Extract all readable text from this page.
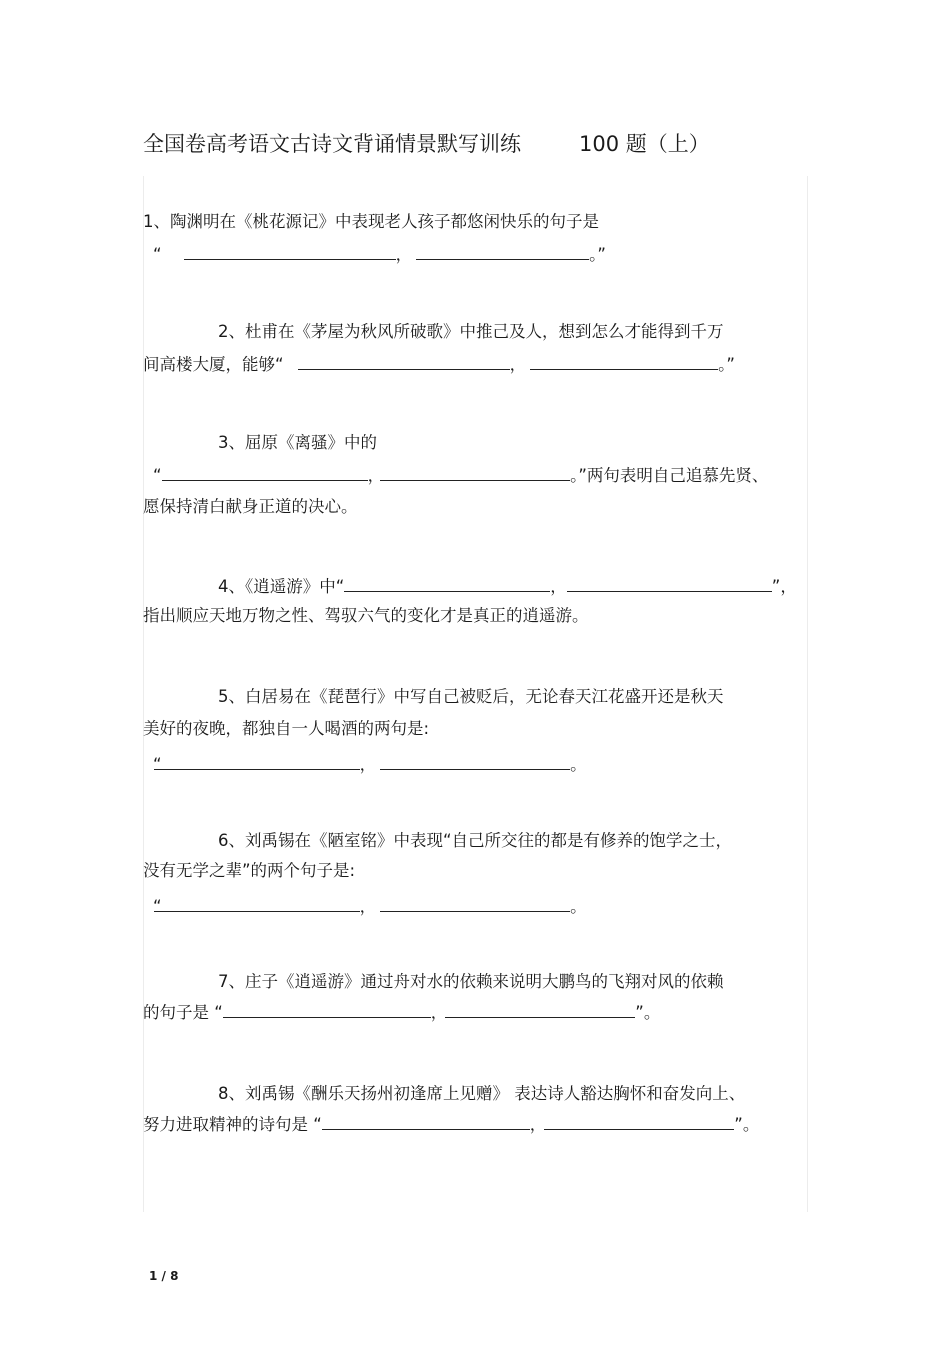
全国卷高考语文古诗文背诵情景默写训练	100 题（上）
1、陶渊明在《桃花源记》中表现老人孩子都悠闲快乐的句子是
“	，	。”
2、杜甫在《茅屋为秋风所破歌》中推己及人，想到怎么才能得到千万
间高楼大厦，能够“	，	。”
3、屈原《离骚》中的
“	，	。”两句表明自己追慕先贤、
愿保持清白献身正道的决心。
4、《逍遥游》中“	，	”，
指出顺应天地万物之性、驾驭六气的变化才是真正的逍遥游。
5、白居易在《琵琶行》中写自己被贬后，无论春天江花盛开还是秋天
美好的夜晚，都独自一人喝酒的两句是:
“	，	。
6、刘禹锡在《陋室铭》中表现“自己所交往的都是有修养的饱学之士，
没有无学之辈”的两个句子是:
“	，	。
7、庄子《逍遥游》通过舟对水的依赖来说明大鹏鸟的飞翔对风的依赖
的句子是 “	，	”。
8、刘禹锡《酬乐天扬州初逢席上见赠》 表达诗人豁达胸怀和奋发向上、
努力进取精神的诗句是 “	，	”。
1 / 8
